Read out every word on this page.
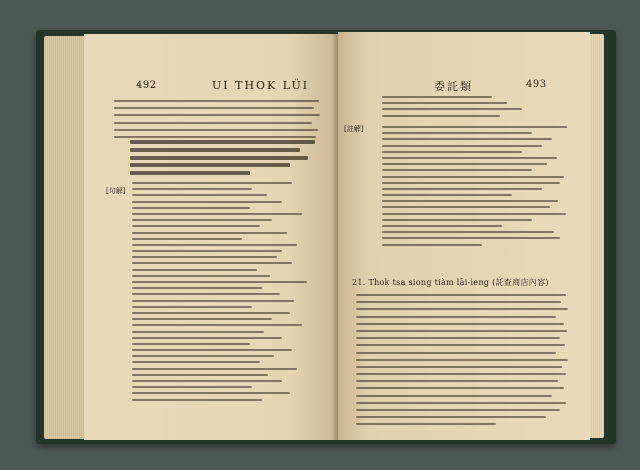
492	UI THOK LÜI
[句解]
委託類	493
[註解]
21. Thok tsa siong tiàm lāi-ìeng (託查商店內容)
